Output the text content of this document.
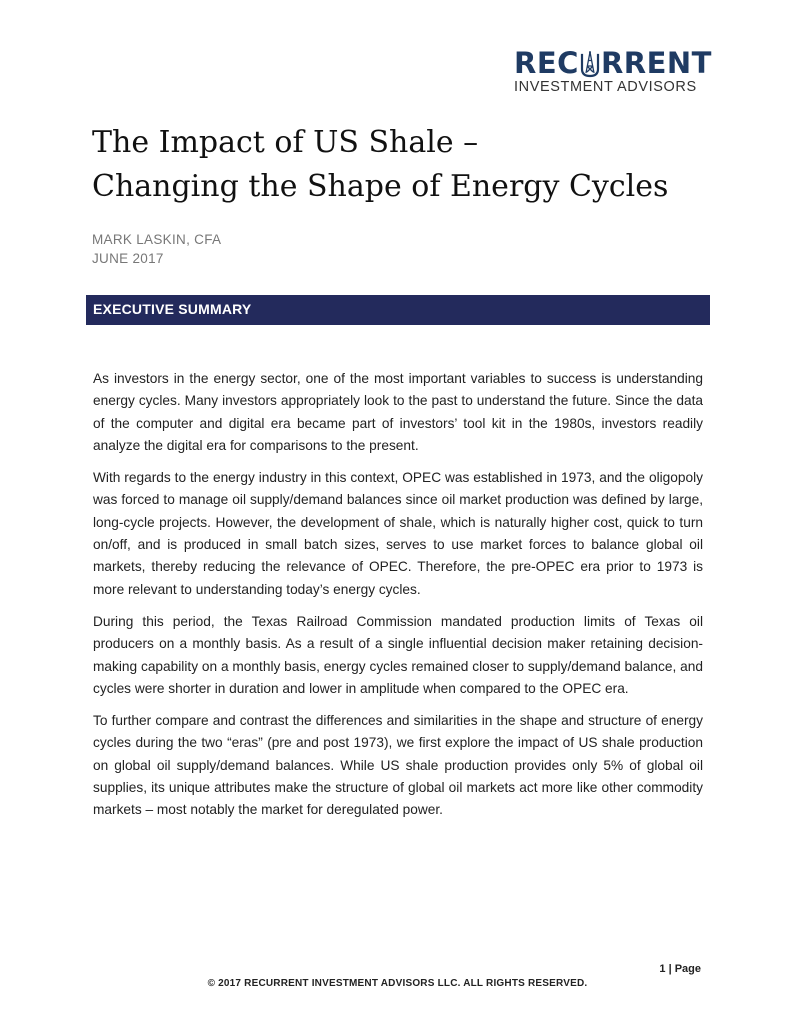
REC RRENT
INVESTMENT ADVISORS
The Impact of US Shale –
Changing the Shape of Energy Cycles
MARK LASKIN, CFA
JUNE 2017
EXECUTIVE SUMMARY

As investors in the energy sector, one of the most important variables to success is understanding energy cycles. Many investors appropriately look to the past to understand the future. Since the data of the computer and digital era became part of investors’ tool kit in the 1980s, investors readily analyze the digital era for comparisons to the present.

With regards to the energy industry in this context, OPEC was established in 1973, and the oligopoly was forced to manage oil supply/demand balances since oil market production was defined by large, long-cycle projects. However, the development of shale, which is naturally higher cost, quick to turn on/off, and is produced in small batch sizes, serves to use market forces to balance global oil markets, thereby reducing the relevance of OPEC. Therefore, the pre-OPEC era prior to 1973 is more relevant to understanding today’s energy cycles.

During this period, the Texas Railroad Commission mandated production limits of Texas oil producers on a monthly basis. As a result of a single influential decision maker retaining decision-making capability on a monthly basis, energy cycles remained closer to supply/demand balance, and cycles were shorter in duration and lower in amplitude when compared to the OPEC era.

To further compare and contrast the differences and similarities in the shape and structure of energy cycles during the two “eras” (pre and post 1973), we first explore the impact of US shale production on global oil supply/demand balances. While US shale production provides only 5% of global oil supplies, its unique attributes make the structure of global oil markets act more like other commodity markets – most notably the market for deregulated power.

1 | Page
© 2017 RECURRENT INVESTMENT ADVISORS LLC. ALL RIGHTS RESERVED.
